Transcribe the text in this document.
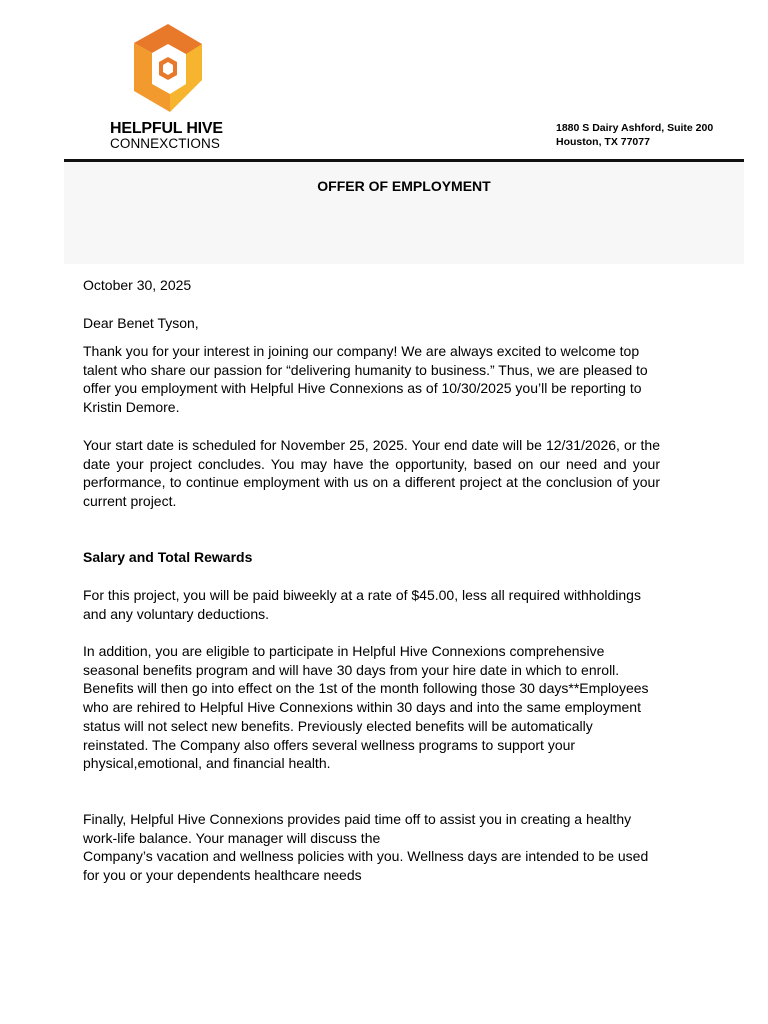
HELPFUL HIVE
CONNEXCTIONS
1880 S Dairy Ashford, Suite 200
Houston, TX 77077
OFFER OF EMPLOYMENT
October 30, 2025
Dear Benet Tyson,
Thank you for your interest in joining our company! We are always excited to welcome top talent who share our passion for “delivering humanity to business.” Thus, we are pleased to offer you employment with Helpful Hive Connexions as of 10/30/2025 you’ll be reporting to Kristin Demore.
Your start date is scheduled for November 25, 2025. Your end date will be 12/31/2026, or the date your project concludes. You may have the opportunity, based on our need and your performance, to continue employment with us on a different project at the conclusion of your current project.
Salary and Total Rewards
For this project, you will be paid biweekly at a rate of $45.00, less all required withholdings and any voluntary deductions.
In addition, you are eligible to participate in Helpful Hive Connexions comprehensive seasonal benefits program and will have 30 days from your hire date in which to enroll. Benefits will then go into effect on the 1st of the month following those 30 days**Employees who are rehired to Helpful Hive Connexions within 30 days and into the same employment status will not select new benefits. Previously elected benefits will be automatically reinstated. The Company also offers several wellness programs to support your physical,emotional, and financial health.
Finally, Helpful Hive Connexions provides paid time off to assist you in creating a healthy work-life balance. Your manager will discuss the
Company’s vacation and wellness policies with you. Wellness days are intended to be used for you or your dependents healthcare needs
